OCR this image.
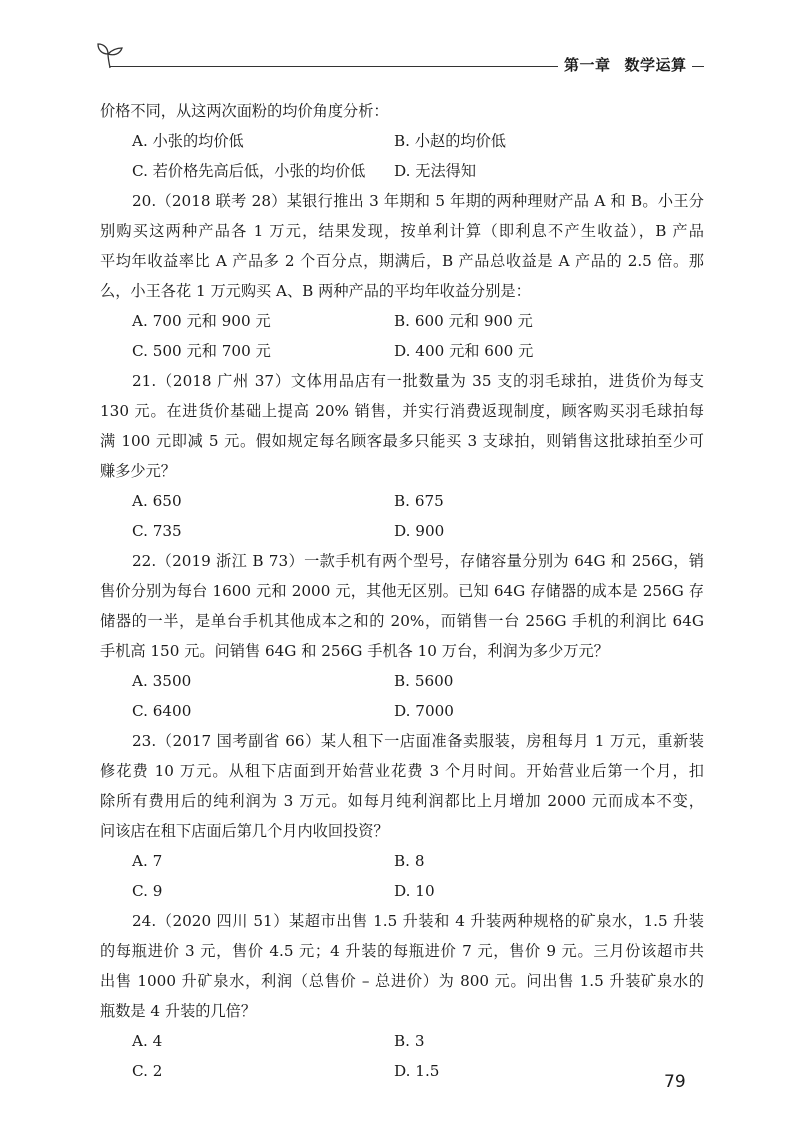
第一章 数学运算
价格不同，从这两次面粉的均价角度分析：
A. 小张的均价低	B. 小赵的均价低
C. 若价格先高后低，小张的均价低 D. 无法得知
20.（2018 联考 28）某银行推出 3 年期和 5 年期的两种理财产品 A 和 B。小王分
别购买这两种产品各 1 万元，结果发现，按单利计算（即利息不产生收益），B 产品
平均年收益率比 A 产品多 2 个百分点，期满后，B 产品总收益是 A 产品的 2.5 倍。那
么，小王各花 1 万元购买 A、B 两种产品的平均年收益分别是：
A. 700 元和 900 元	B. 600 元和 900 元
C. 500 元和 700 元	D. 400 元和 600 元
21.（2018 广州 37）文体用品店有一批数量为 35 支的羽毛球拍，进货价为每支
130 元。在进货价基础上提高 20% 销售，并实行消费返现制度，顾客购买羽毛球拍每
满 100 元即减 5 元。假如规定每名顾客最多只能买 3 支球拍，则销售这批球拍至少可
赚多少元？
A. 650	B. 675
C. 735	D. 900
22.（2019 浙江 B 73）一款手机有两个型号，存储容量分别为 64G 和 256G，销
售价分别为每台 1600 元和 2000 元，其他无区别。已知 64G 存储器的成本是 256G 存
储器的一半，是单台手机其他成本之和的 20%，而销售一台 256G 手机的利润比 64G
手机高 150 元。问销售 64G 和 256G 手机各 10 万台，利润为多少万元？
A. 3500	B. 5600
C. 6400	D. 7000
23.（2017 国考副省 66）某人租下一店面准备卖服装，房租每月 1 万元，重新装
修花费 10 万元。从租下店面到开始营业花费 3 个月时间。开始营业后第一个月，扣
除所有费用后的纯利润为 3 万元。如每月纯利润都比上月增加 2000 元而成本不变，
问该店在租下店面后第几个月内收回投资？
A. 7	B. 8
C. 9	D. 10
24.（2020 四川 51）某超市出售 1.5 升装和 4 升装两种规格的矿泉水，1.5 升装
的每瓶进价 3 元，售价 4.5 元；4 升装的每瓶进价 7 元，售价 9 元。三月份该超市共
出售 1000 升矿泉水，利润（总售价 – 总进价）为 800 元。问出售 1.5 升装矿泉水的
瓶数是 4 升装的几倍？
A. 4	B. 3
C. 2	D. 1.5
79
